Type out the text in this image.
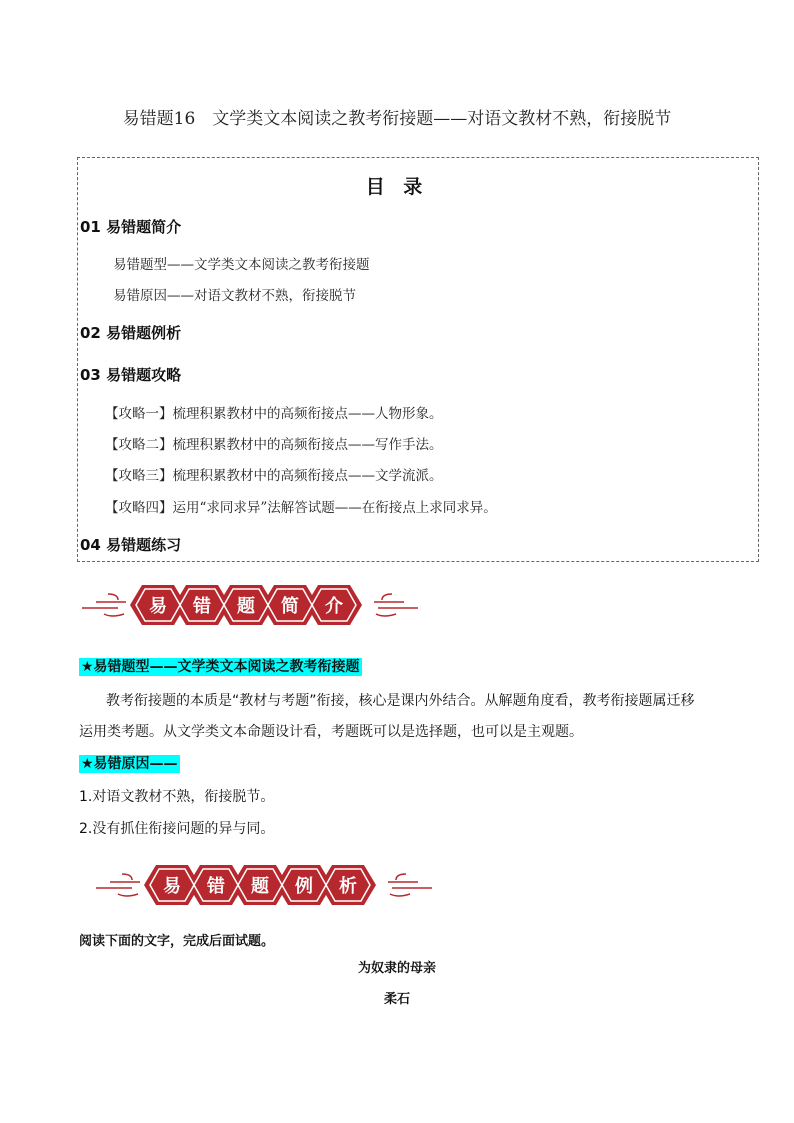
易错题16　文学类文本阅读之教考衔接题——对语文教材不熟，衔接脱节
目 录
01 易错题简介
易错题型——文学类文本阅读之教考衔接题
易错原因——对语文教材不熟，衔接脱节
02 易错题例析
03 易错题攻略
【攻略一】梳理积累教材中的高频衔接点——人物形象。
【攻略二】梳理积累教材中的高频衔接点——写作手法。
【攻略三】梳理积累教材中的高频衔接点——文学流派。
【攻略四】运用“求同求异”法解答试题——在衔接点上求同求异。
04 易错题练习
易 错 题 简 介
★易错题型——文学类文本阅读之教考衔接题
教考衔接题的本质是“教材与考题”衔接，核心是课内外结合。从解题角度看，教考衔接题属迁移
运用类考题。从文学类文本命题设计看，考题既可以是选择题，也可以是主观题。
★易错原因——
1.对语文教材不熟，衔接脱节。
2.没有抓住衔接问题的异与同。
易 错 题 例 析
阅读下面的文字，完成后面试题。
为奴隶的母亲
柔石
